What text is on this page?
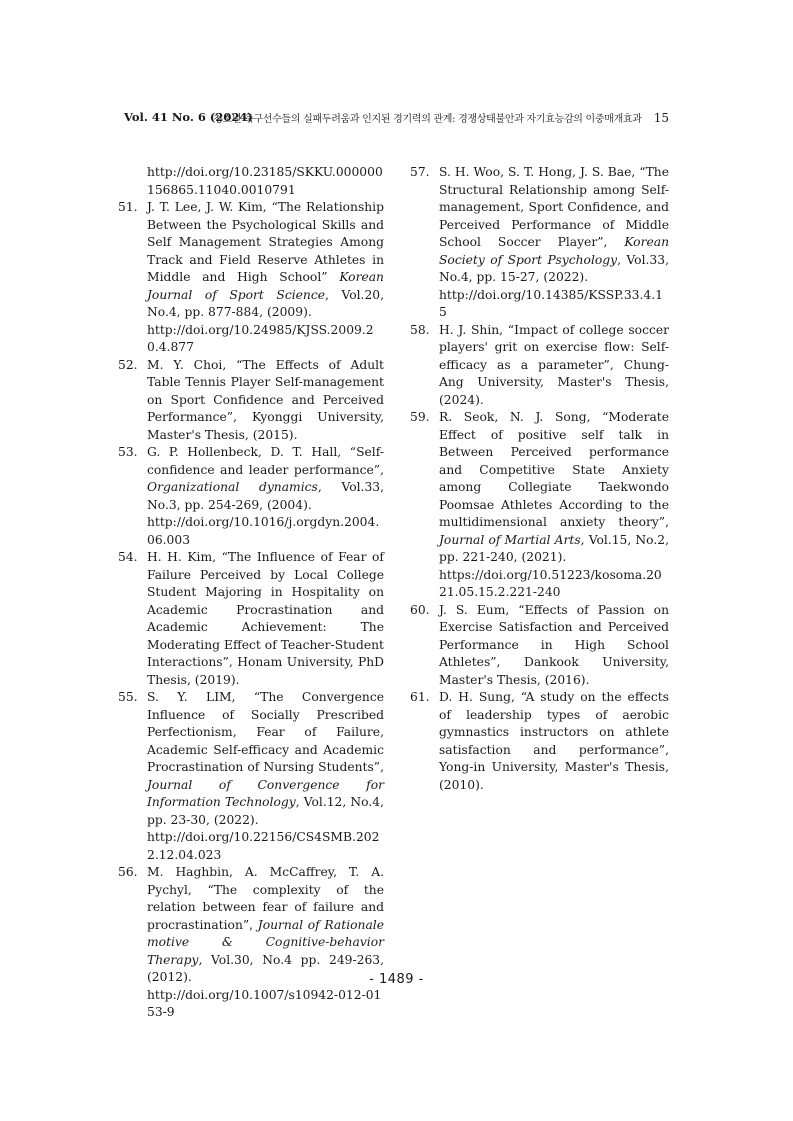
Vol. 41 No. 6 (2024)
청소년 축구선수들의 실패두려움과 인지된 경기력의 관계: 경쟁상태불안과 자기효능감의 이중매개효과 15
http://doi.org/10.23185/SKKU.000000156865.11040.0010791
51. J. T. Lee, J. W. Kim, “The Relationship Between the Psychological Skills and Self Management Strategies Among Track and Field Reserve Athletes in Middle and High School” Korean Journal of Sport Science, Vol.20, No.4, pp. 877-884, (2009).
http://doi.org/10.24985/KJSS.2009.20.4.877
52. M. Y. Choi, “The Effects of Adult Table Tennis Player Self-management on Sport Confidence and Perceived Performance”, Kyonggi University, Master's Thesis, (2015).
53. G. P. Hollenbeck, D. T. Hall, “Self-confidence and leader performance”, Organizational dynamics, Vol.33, No.3, pp. 254-269, (2004).
http://doi.org/10.1016/j.orgdyn.2004.06.003
54. H. H. Kim, “The Influence of Fear of Failure Perceived by Local College Student Majoring in Hospitality on Academic Procrastination and Academic Achievement: The Moderating Effect of Teacher-Student Interactions”, Honam University, PhD Thesis, (2019).
55. S. Y. LIM, “The Convergence Influence of Socially Prescribed Perfectionism, Fear of Failure, Academic Self-efficacy and Academic Procrastination of Nursing Students”, Journal of Convergence for Information Technology, Vol.12, No.4, pp. 23-30, (2022).
http://doi.org/10.22156/CS4SMB.2022.12.04.023
56. M. Haghbin, A. McCaffrey, T. A. Pychyl, “The complexity of the relation between fear of failure and procrastination”, Journal of Rationale motive & Cognitive-behavior Therapy, Vol.30, No.4 pp. 249-263, (2012).
http://doi.org/10.1007/s10942-012-0153-9
57. S. H. Woo, S. T. Hong, J. S. Bae, “The Structural Relationship among Self-management, Sport Confidence, and Perceived Performance of Middle School Soccer Player”, Korean Society of Sport Psychology, Vol.33, No.4, pp. 15-27, (2022).
http://doi.org/10.14385/KSSP.33.4.15
58. H. J. Shin, “Impact of college soccer players' grit on exercise flow: Self-efficacy as a parameter”, Chung-Ang University, Master's Thesis, (2024).
59. R. Seok, N. J. Song, “Moderate Effect of positive self talk in Between Perceived performance and Competitive State Anxiety among Collegiate Taekwondo Poomsae Athletes According to the multidimensional anxiety theory”, Journal of Martial Arts, Vol.15, No.2, pp. 221-240, (2021).
https://doi.org/10.51223/kosoma.2021.05.15.2.221-240
60. J. S. Eum, “Effects of Passion on Exercise Satisfaction and Perceived Performance in High School Athletes”, Dankook University, Master's Thesis, (2016).
61. D. H. Sung, “A study on the effects of leadership types of aerobic gymnastics instructors on athlete satisfaction and performance”, Yong-in University, Master's Thesis, (2010).
- 1489 -
